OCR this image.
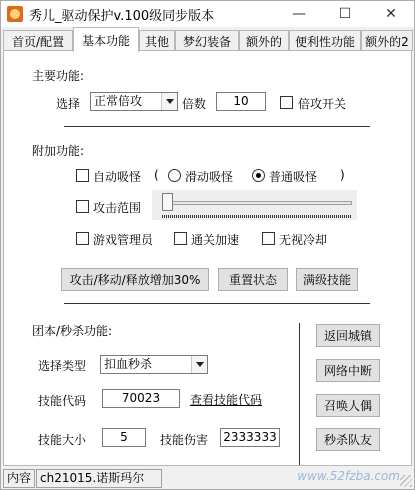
秀儿_驱动保护v.100级同步版本	—	☐	✕
首页/配置	基本功能	其他	梦幻装备	额外的	便利性功能 额外的2
主要功能:
选择	正常倍攻	倍数	10	倍攻开关
附加功能:
自动吸怪 ( 滑动吸怪	普通吸怪 )
攻击范围
游戏管理员	通关加速	无视冷却
攻击/移动/释放增加30%	重置状态	满级技能
团本/秒杀功能:
选择类型	扣血秒杀
技能代码	70023	查看技能代码
技能大小	5	技能伤害 2333333
返回城镇
网络中断
召唤人偶
秒杀队友
内容 ch21015.诺斯玛尔	www.52fzba.com
